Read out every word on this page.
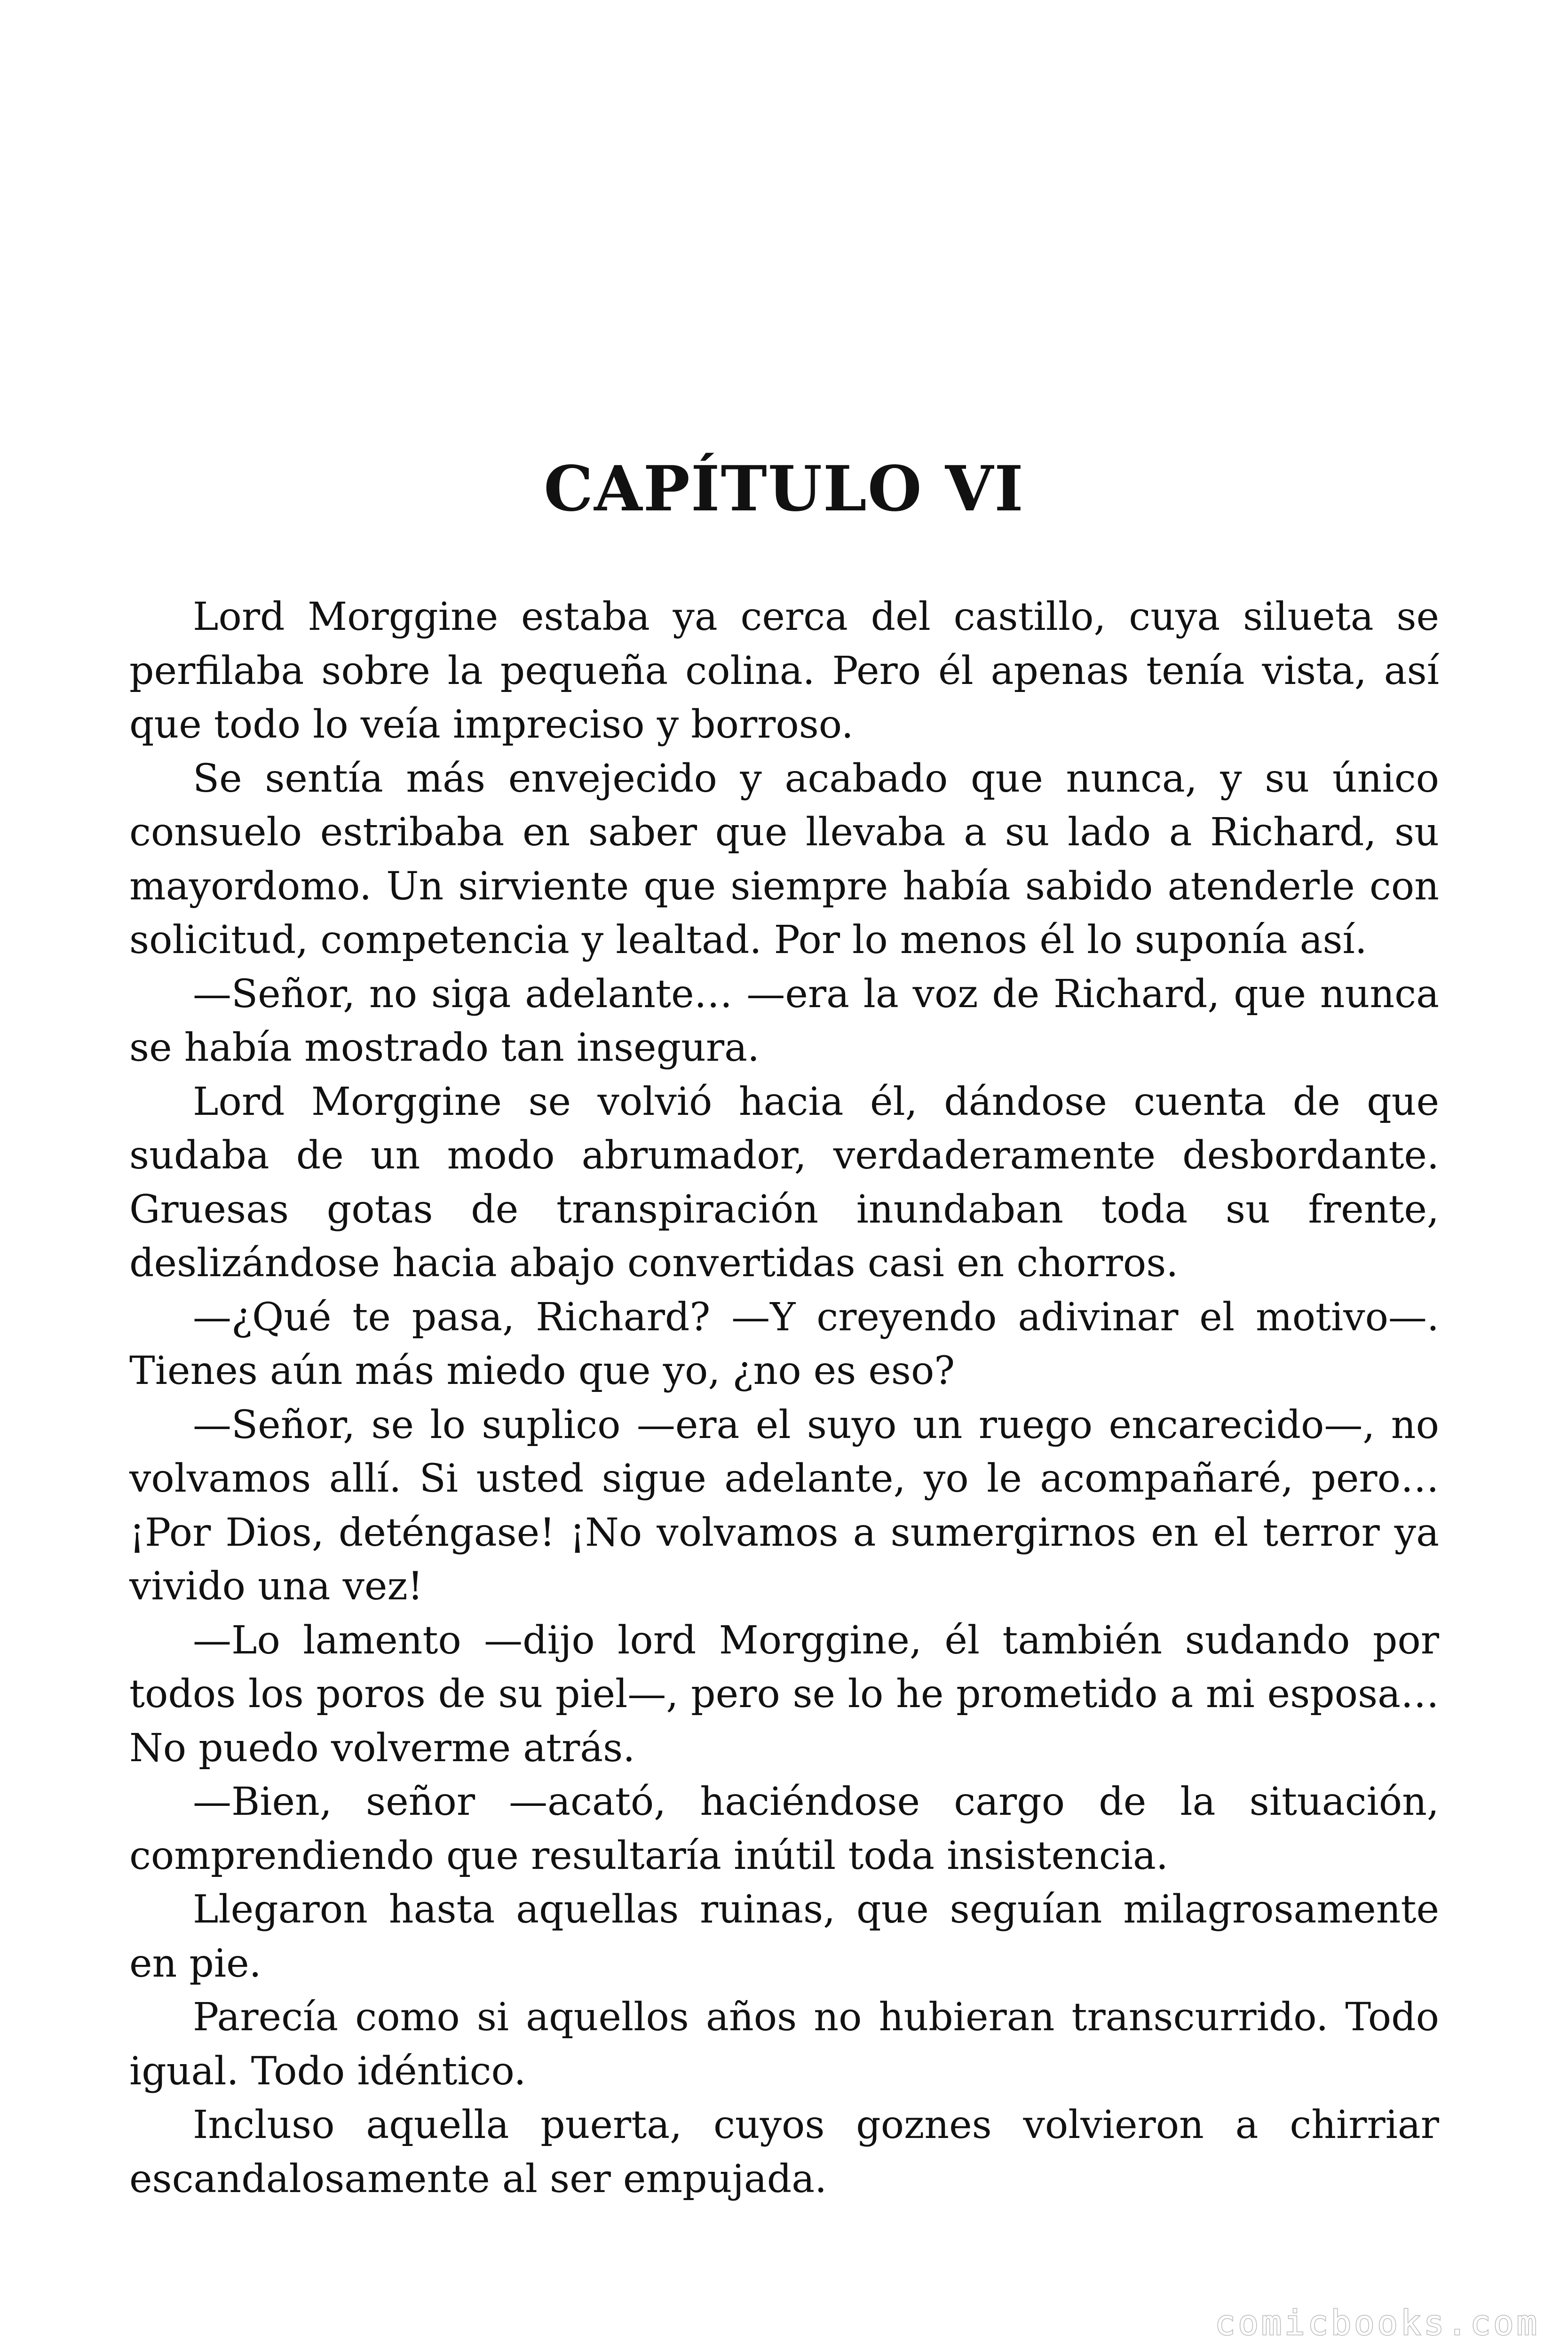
CAPÍTULO VI

Lord Morggine estaba ya cerca del castillo, cuya silueta se perfilaba sobre la pequeña colina. Pero él apenas tenía vista, así que todo lo veía impreciso y borroso.

Se sentía más envejecido y acabado que nunca, y su único consuelo estribaba en saber que llevaba a su lado a Richard, su mayordomo. Un sirviente que siempre había sabido atenderle con solicitud, competencia y lealtad. Por lo menos él lo suponía así.

—Señor, no siga adelante… —era la voz de Richard, que nunca se había mostrado tan insegura.

Lord Morggine se volvió hacia él, dándose cuenta de que sudaba de un modo abrumador, verdaderamente desbordante. Gruesas gotas de transpiración inundaban toda su frente, deslizándose hacia abajo convertidas casi en chorros.

—¿Qué te pasa, Richard? —Y creyendo adivinar el motivo—. Tienes aún más miedo que yo, ¿no es eso?

—Señor, se lo suplico —era el suyo un ruego encarecido—, no volvamos allí. Si usted sigue adelante, yo le acompañaré, pero… ¡Por Dios, deténgase! ¡No volvamos a sumergirnos en el terror ya vivido una vez!

—Lo lamento —dijo lord Morggine, él también sudando por todos los poros de su piel—, pero se lo he prometido a mi esposa… No puedo volverme atrás.

—Bien, señor —acató, haciéndose cargo de la situación, comprendiendo que resultaría inútil toda insistencia.

Llegaron hasta aquellas ruinas, que seguían milagrosamente en pie.

Parecía como si aquellos años no hubieran transcurrido. Todo igual. Todo idéntico.

Incluso aquella puerta, cuyos goznes volvieron a chirriar escandalosamente al ser empujada.

comicbooks.com
